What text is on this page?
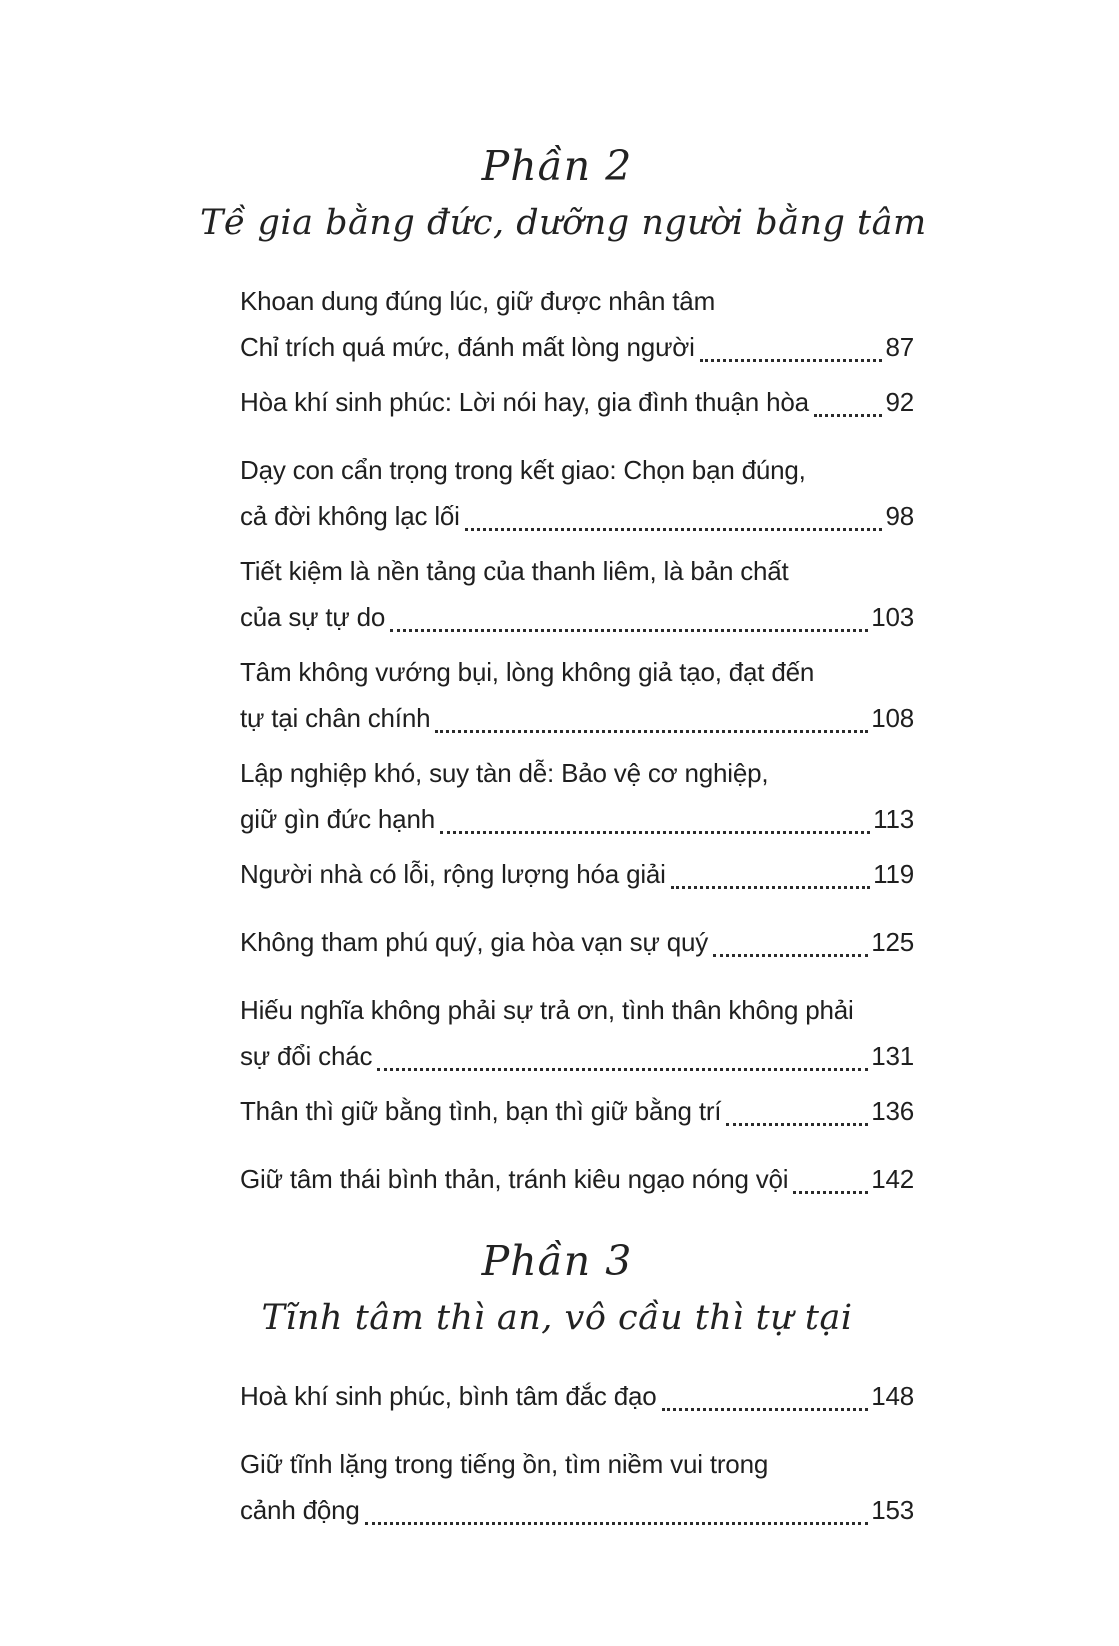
Phần 2
Tề gia bằng đức, dưỡng người bằng tâm
Khoan dung đúng lúc, giữ được nhân tâm
Chỉ trích quá mức, đánh mất lòng người	87
Hòa khí sinh phúc: Lời nói hay, gia đình thuận hòa	92
Dạy con cẩn trọng trong kết giao: Chọn bạn đúng,
cả đời không lạc lối	98
Tiết kiệm là nền tảng của thanh liêm, là bản chất
của sự tự do	103
Tâm không vướng bụi, lòng không giả tạo, đạt đến
tự tại chân chính	108
Lập nghiệp khó, suy tàn dễ: Bảo vệ cơ nghiệp,
giữ gìn đức hạnh	113
Người nhà có lỗi, rộng lượng hóa giải	119
Không tham phú quý, gia hòa vạn sự quý	125
Hiếu nghĩa không phải sự trả ơn, tình thân không phải
sự đổi chác	131
Thân thì giữ bằng tình, bạn thì giữ bằng trí	136
Giữ tâm thái bình thản, tránh kiêu ngạo nóng vội	142
Phần 3
Tĩnh tâm thì an, vô cầu thì tự tại
Hoà khí sinh phúc, bình tâm đắc đạo	148
Giữ tĩnh lặng trong tiếng ồn, tìm niềm vui trong
cảnh động	153
